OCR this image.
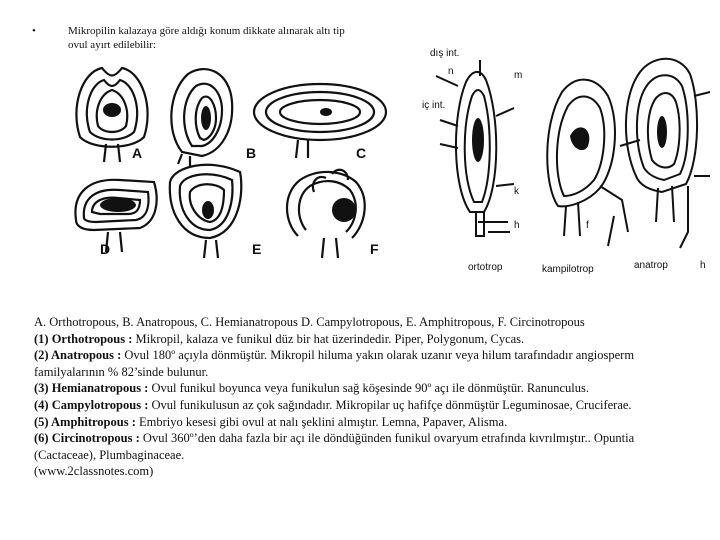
•	Mikropilin kalazaya göre aldığı konum dikkate alınarak altı tip
ovul ayırt edilebilir:
A	B	C
D	E	F
dış int.
iç int.
n	m
k
h	f
h
ortotrop	kampilotrop	anatrop

A. Orthotropous, B. Anatropous, C. Hemianatropous D. Campylotropous, E. Amphitropous, F. Circinotropous

(1) Orthotropous : Mikropil, kalaza ve funikul düz bir hat üzerindedir. Piper, Polygonum, Cycas.

(2) Anatropous : Ovul 180º açıyla dönmüştür. Mikropil hiluma yakın olarak uzanır veya hilum tarafındadır angiosperm

familyalarının % 82’sinde bulunur.

(3) Hemianatropous : Ovul funikul boyunca veya funikulun sağ köşesinde 90º açı ile dönmüştür. Ranunculus.

(4) Campylotropous : Ovul funikulusun az çok sağındadır. Mikropilar uç hafifçe dönmüştür Leguminosae, Cruciferae.

(5) Amphitropous : Embriyo kesesi gibi ovul at nalı şeklini almıştır. Lemna, Papaver, Alisma.

(6) Circinotropous : Ovul 360º’den daha fazla bir açı ile döndüğünden funikul ovaryum etrafında kıvrılmıştır.. Opuntia

(Cactaceae), Plumbaginaceae.

(www.2classnotes.com)
